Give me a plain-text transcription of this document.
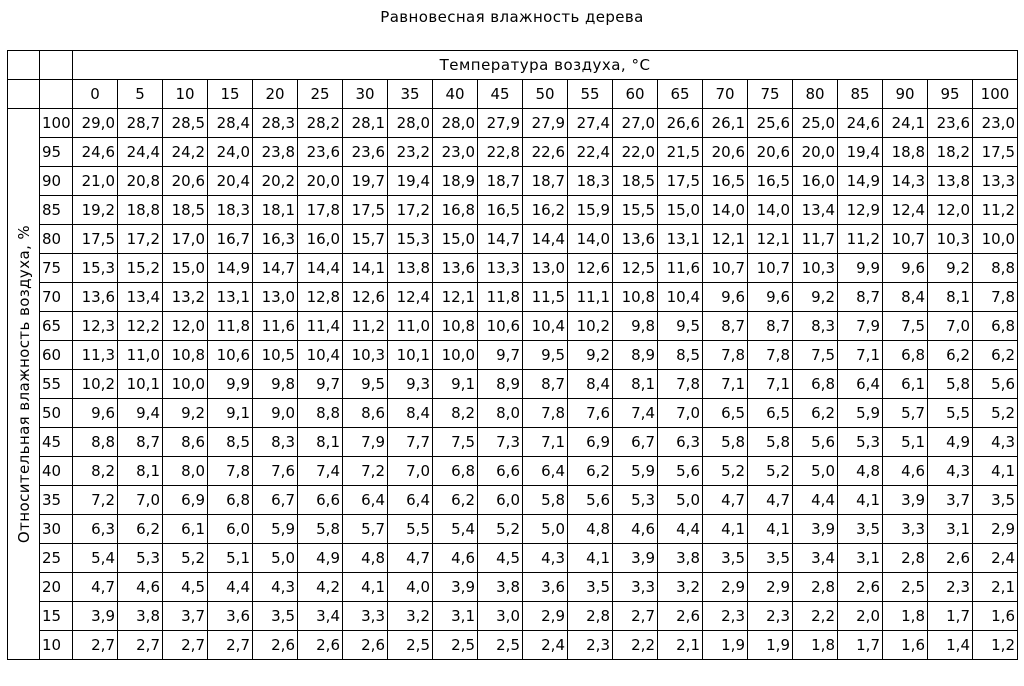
Равновесная влажность дерева
		Температура воздуха, °С																				
		0	5	10	15	20	25	30	35	40	45	50	55	60	65	70	75	80	85	90	95	100

Относительная влажность воздуха, %	100	29,0	28,7	28,5	28,4	28,3	28,2	28,1	28,0	28,0	27,9	27,9	27,4	27,0	26,6	26,1	25,6	25,0	24,6	24,1	23,6	23,0
	95	24,6	24,4	24,2	24,0	23,8	23,6	23,6	23,2	23,0	22,8	22,6	22,4	22,0	21,5	20,6	20,6	20,0	19,4	18,8	18,2	17,5
	90	21,0	20,8	20,6	20,4	20,2	20,0	19,7	19,4	18,9	18,7	18,7	18,3	18,5	17,5	16,5	16,5	16,0	14,9	14,3	13,8	13,3
	85	19,2	18,8	18,5	18,3	18,1	17,8	17,5	17,2	16,8	16,5	16,2	15,9	15,5	15,0	14,0	14,0	13,4	12,9	12,4	12,0	11,2
	80	17,5	17,2	17,0	16,7	16,3	16,0	15,7	15,3	15,0	14,7	14,4	14,0	13,6	13,1	12,1	12,1	11,7	11,2	10,7	10,3	10,0
	75	15,3	15,2	15,0	14,9	14,7	14,4	14,1	13,8	13,6	13,3	13,0	12,6	12,5	11,6	10,7	10,7	10,3	9,9	9,6	9,2	8,8
	70	13,6	13,4	13,2	13,1	13,0	12,8	12,6	12,4	12,1	11,8	11,5	11,1	10,8	10,4	9,6	9,6	9,2	8,7	8,4	8,1	7,8
	65	12,3	12,2	12,0	11,8	11,6	11,4	11,2	11,0	10,8	10,6	10,4	10,2	9,8	9,5	8,7	8,7	8,3	7,9	7,5	7,0	6,8
	60	11,3	11,0	10,8	10,6	10,5	10,4	10,3	10,1	10,0	9,7	9,5	9,2	8,9	8,5	7,8	7,8	7,5	7,1	6,8	6,2	6,2
	55	10,2	10,1	10,0	9,9	9,8	9,7	9,5	9,3	9,1	8,9	8,7	8,4	8,1	7,8	7,1	7,1	6,8	6,4	6,1	5,8	5,6
	50	9,6	9,4	9,2	9,1	9,0	8,8	8,6	8,4	8,2	8,0	7,8	7,6	7,4	7,0	6,5	6,5	6,2	5,9	5,7	5,5	5,2
	45	8,8	8,7	8,6	8,5	8,3	8,1	7,9	7,7	7,5	7,3	7,1	6,9	6,7	6,3	5,8	5,8	5,6	5,3	5,1	4,9	4,3
	40	8,2	8,1	8,0	7,8	7,6	7,4	7,2	7,0	6,8	6,6	6,4	6,2	5,9	5,6	5,2	5,2	5,0	4,8	4,6	4,3	4,1
	35	7,2	7,0	6,9	6,8	6,7	6,6	6,4	6,4	6,2	6,0	5,8	5,6	5,3	5,0	4,7	4,7	4,4	4,1	3,9	3,7	3,5
	30	6,3	6,2	6,1	6,0	5,9	5,8	5,7	5,5	5,4	5,2	5,0	4,8	4,6	4,4	4,1	4,1	3,9	3,5	3,3	3,1	2,9
	25	5,4	5,3	5,2	5,1	5,0	4,9	4,8	4,7	4,6	4,5	4,3	4,1	3,9	3,8	3,5	3,5	3,4	3,1	2,8	2,6	2,4
	20	4,7	4,6	4,5	4,4	4,3	4,2	4,1	4,0	3,9	3,8	3,6	3,5	3,3	3,2	2,9	2,9	2,8	2,6	2,5	2,3	2,1
	15	3,9	3,8	3,7	3,6	3,5	3,4	3,3	3,2	3,1	3,0	2,9	2,8	2,7	2,6	2,3	2,3	2,2	2,0	1,8	1,7	1,6
	10	2,7	2,7	2,7	2,7	2,6	2,6	2,6	2,5	2,5	2,5	2,4	2,3	2,2	2,1	1,9	1,9	1,8	1,7	1,6	1,4	1,2
